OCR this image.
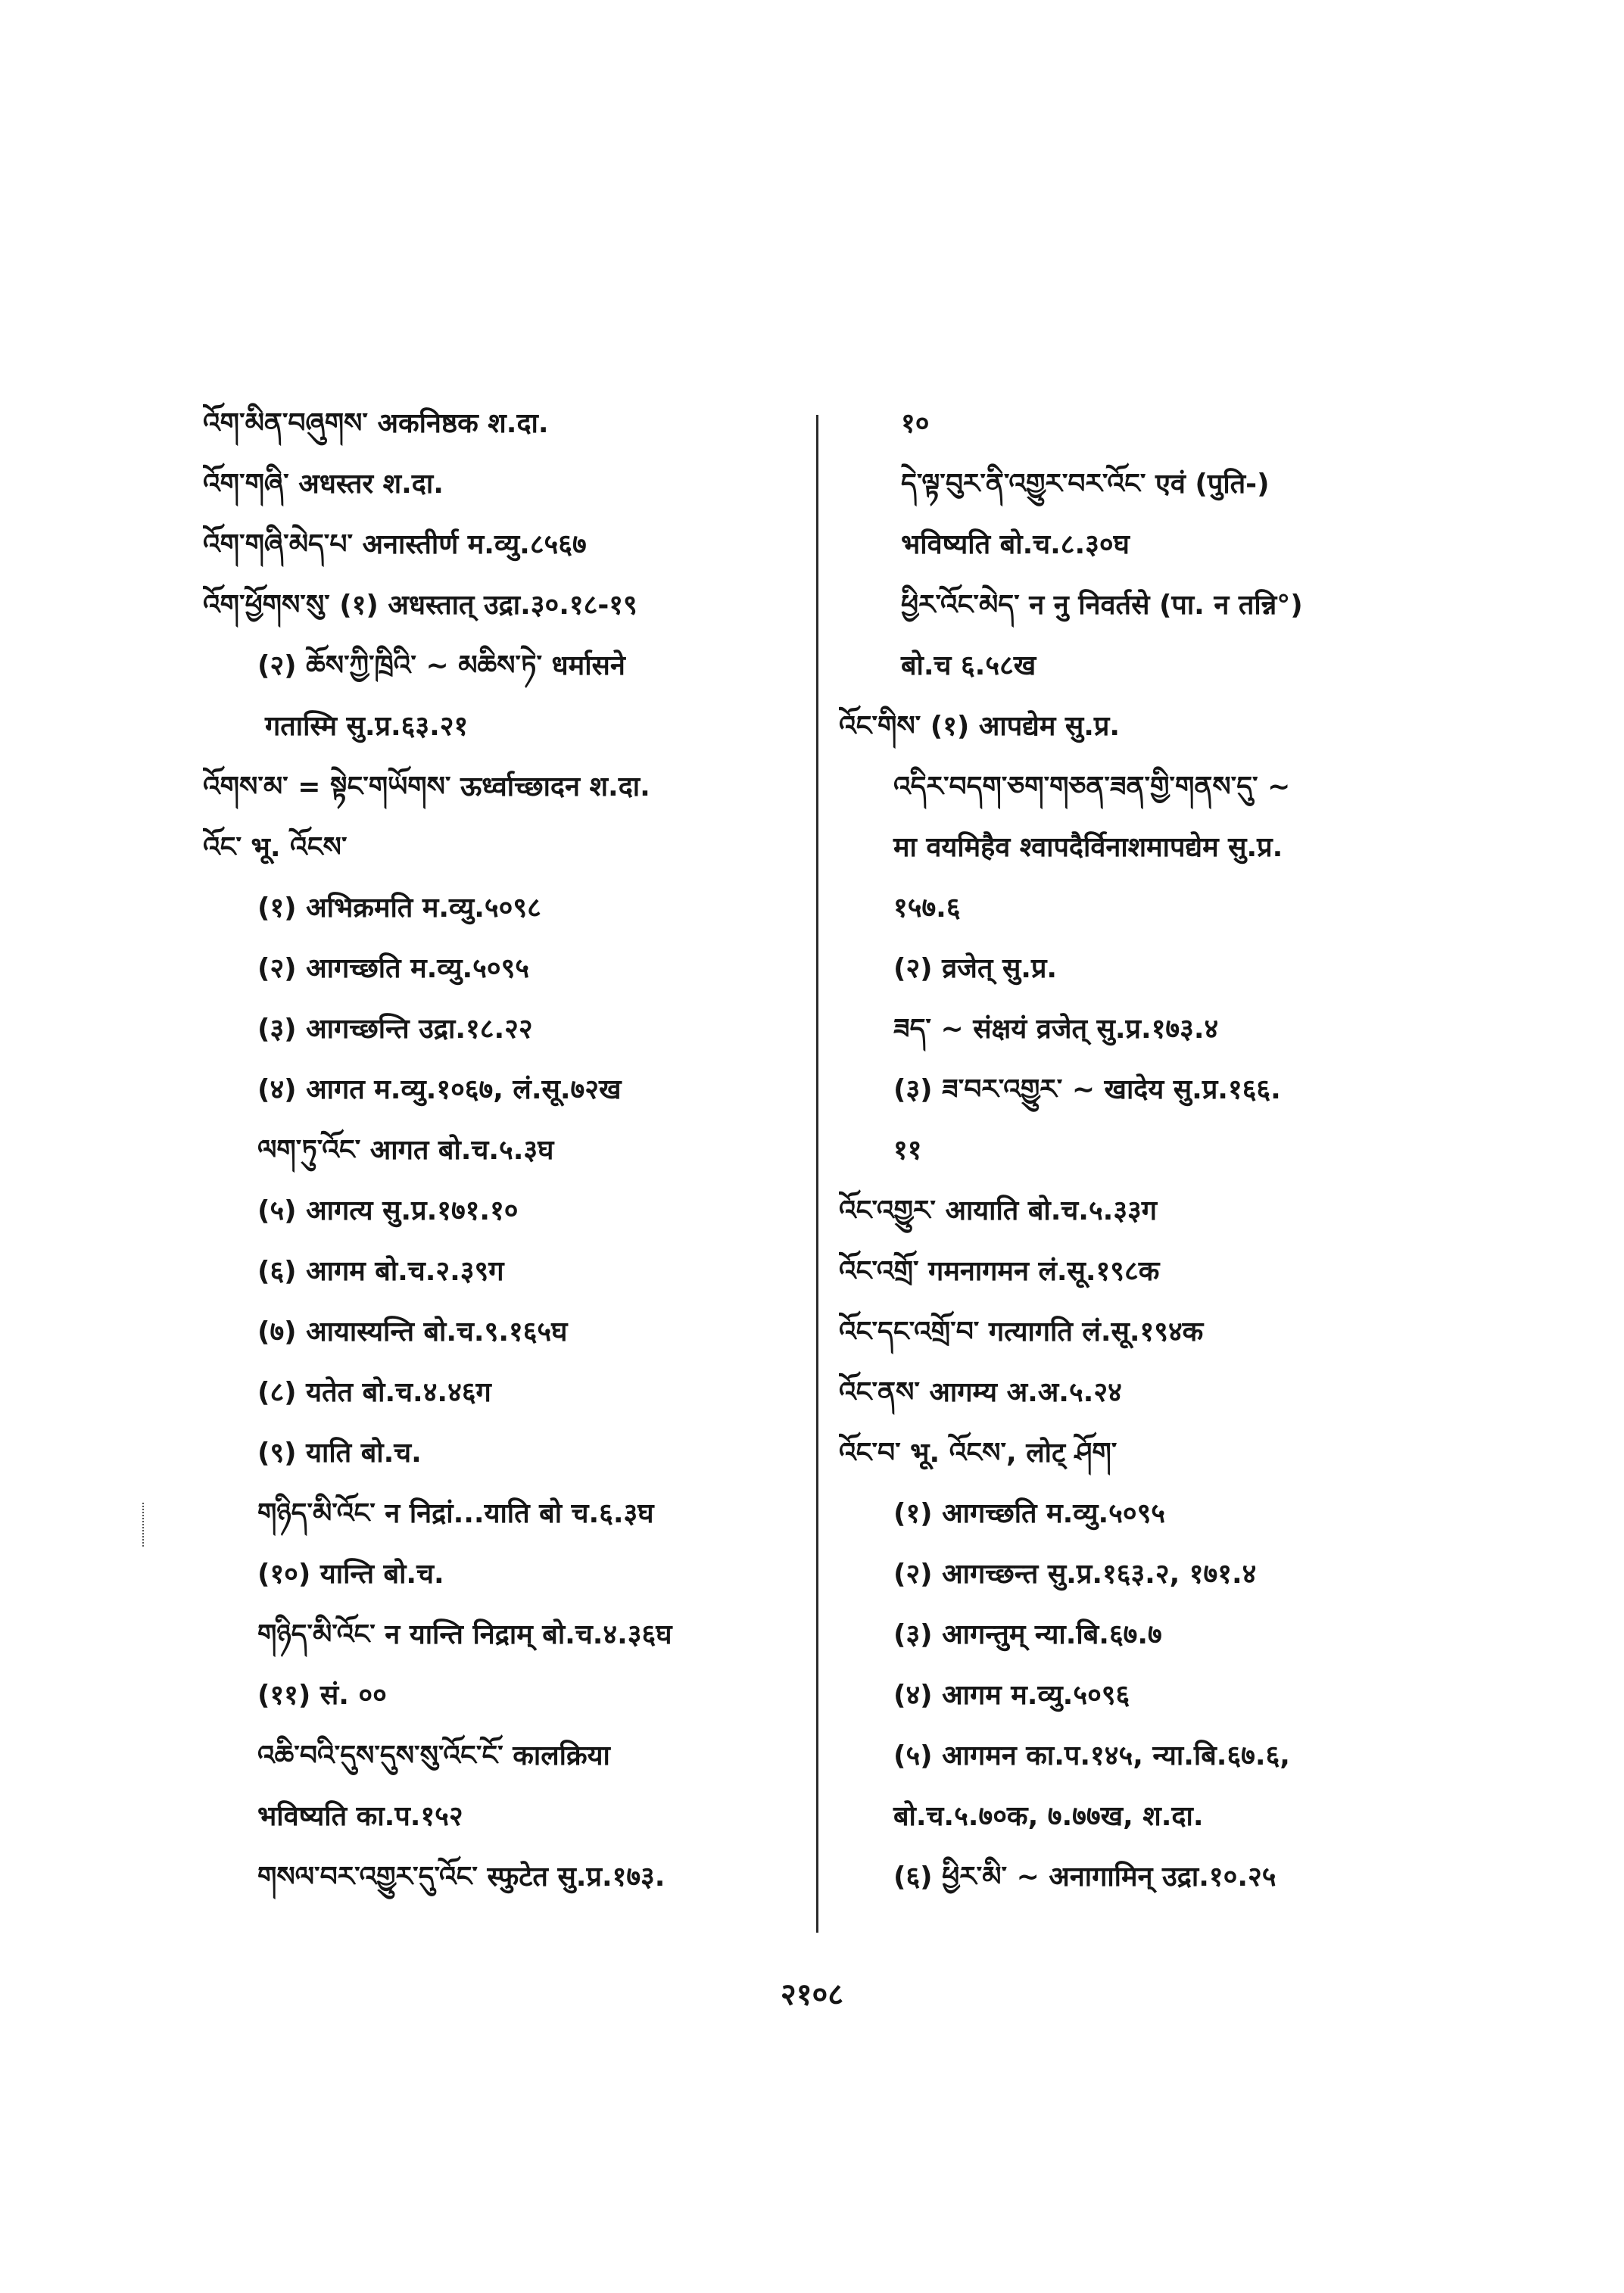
འོག་མིན་བཞུགས་ अकनिष्ठक श.दा.
འོག་གཞི་ अधस्तर श.दा.
འོག་གཞི་མེད་པ་ अनास्तीर्ण म.व्यु.८५६७
འོག་ཕྱོགས་སུ་ (१) अधस्तात् उद्रा.३०.१८-१९
(२) ཆོས་ཀྱི་ཁྲིའི་ ~ མཆིས་ཏེ་ धर्मासने
गतास्मि सु.प्र.६३.२१
འོགས་མ་ = སྟེང་གཡོགས་ ऊर्ध्वाच्छादन श.दा.
འོང་ भू. འོངས་
(१) अभिक्रमति म.व्यु.५०९८
(२) आगच्छति म.व्यु.५०९५
(३) आगच्छन्ति उद्रा.१८.२२
(४) आगत म.व्यु.१०६७, लं.सू.७२ख
ལག་ཏུ་འོང་ आगत बो.च.५.३घ
(५) आगत्य सु.प्र.१७१.१०
(६) आगम बो.च.२.३९ग
(७) आयास्यन्ति बो.च.९.१६५घ
(८) यतेत बो.च.४.४६ग
(९) याति बो.च.
གཉིད་མི་འོང་ न निद्रां...याति बो च.६.३घ
(१०) यान्ति बो.च.
གཉིད་མི་འོང་ न यान्ति निद्राम् बो.च.४.३६घ
(११) सं. ००
འཆི་བའི་དུས་དུས་སུ་འོང་ངོ་ कालक्रिया
भविष्यति का.प.१५२
གསལ་བར་འགྱུར་དུ་འོང་ स्फुटेत सु.प्र.१७३.
१०
དེ་ལྟ་བུར་ནི་འགྱུར་བར་འོང་ एवं (पुति-)
भविष्यति बो.च.८.३०घ
ཕྱིར་འོང་མེད་ न नु निवर्तसे (पा. न तन्नि°)
बो.च ६.५८ख
འོང་གིས་ (१) आपद्येम सु.प्र.
འདིར་བདག་ཅག་གཅན་ཟན་གྱི་གནས་དུ་ ~
मा वयमिहैव श्वापदैर्विनाशमापद्येम सु.प्र.
१५७.६
(२) व्रजेत् सु.प्र.
ཟད་ ~ संक्षयं व्रजेत् सु.प्र.१७३.४
(३) ཟ་བར་འགྱུར་ ~ खादेय सु.प्र.१६६.
११
འོང་འགྱུར་ आयाति बो.च.५.३३ग
འོང་འགྲོ་ गमनागमन लं.सू.१९८क
འོང་དང་འགྲོ་བ་ गत्यागति लं.सू.१९४क
འོང་ནས་ आगम्य अ.अ.५.२४
འོང་བ་ भू. འོངས་, लोट् ཤོག་
(१) आगच्छति म.व्यु.५०९५
(२) आगच्छन्त सु.प्र.१६३.२, १७१.४
(३) आगन्तुम् न्या.बि.६७.७
(४) आगम म.व्यु.५०९६
(५) आगमन का.प.१४५, न्या.बि.६७.६,
बो.च.५.७०क, ७.७७ख, श.दा.
(६) ཕྱིར་མི་ ~ अनागामिन् उद्रा.१०.२५
२१०८
